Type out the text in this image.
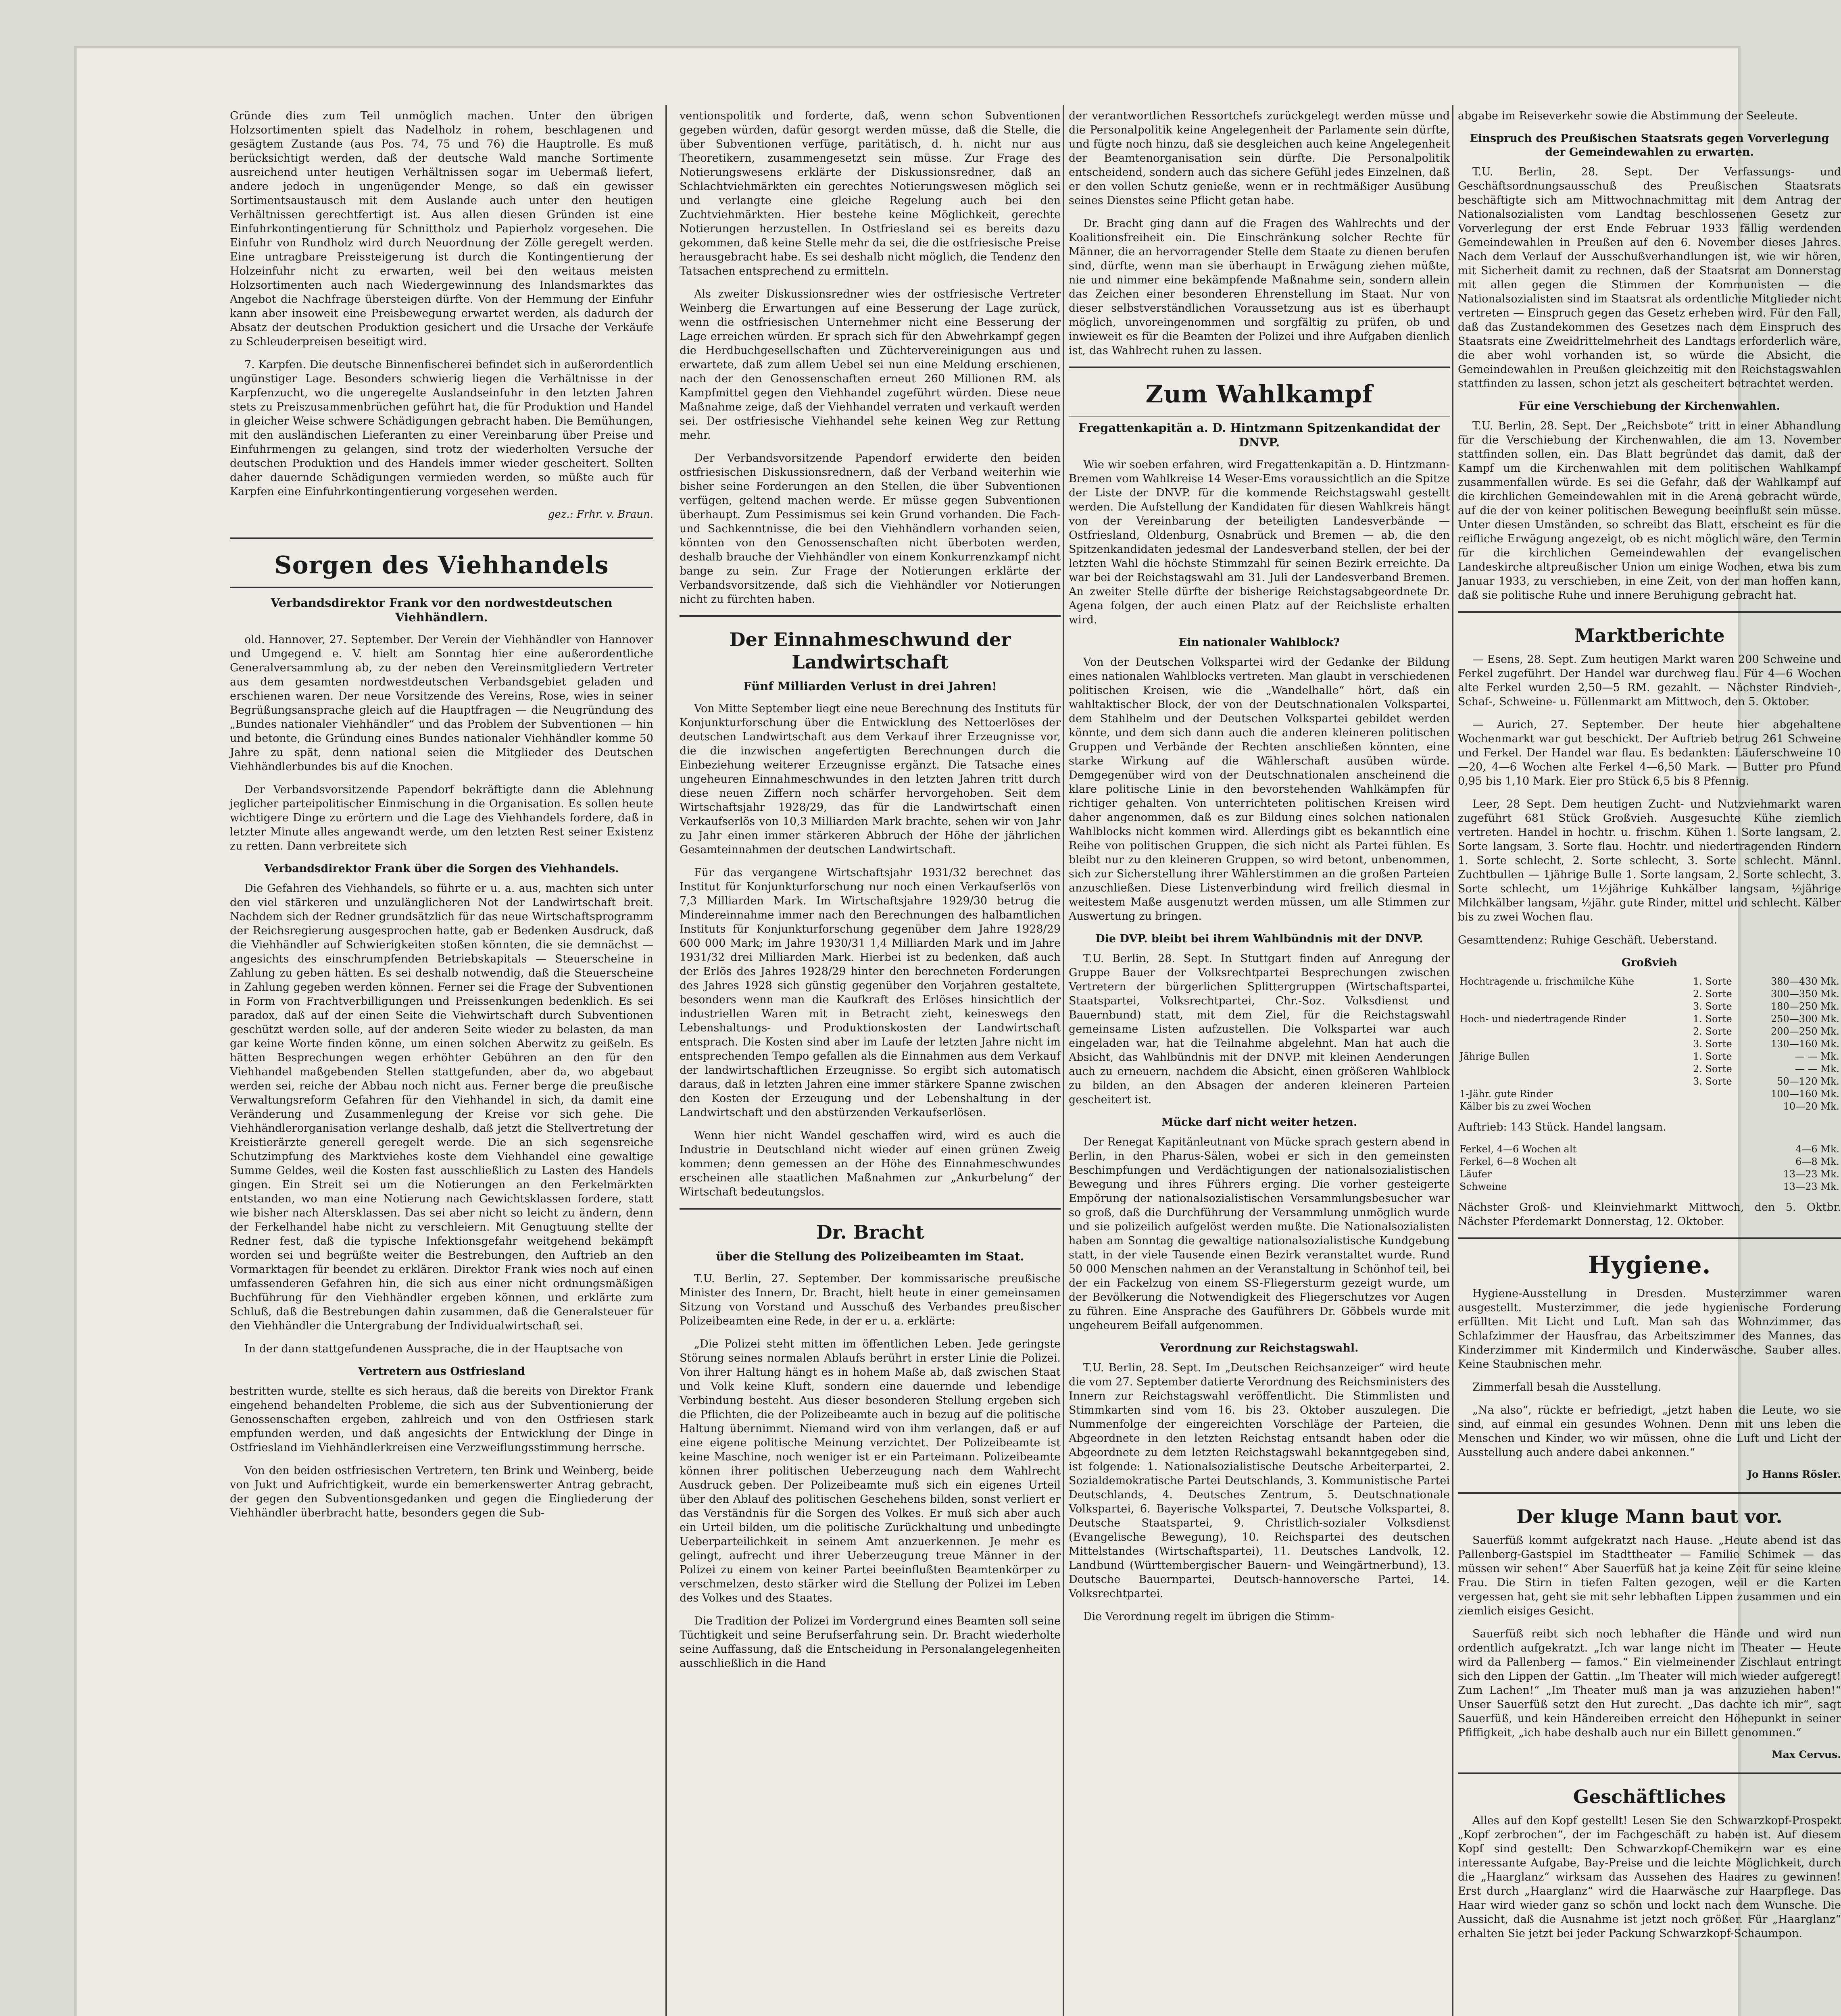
Gründe dies zum Teil unmöglich machen. Unter den übrigen Holzsortimenten spielt das Nadelholz in rohem, beschlagenen und gesägtem Zustande (aus Pos. 74, 75 und 76) die Hauptrolle. Es muß berücksichtigt werden, daß der deutsche Wald manche Sortimente ausreichend unter heutigen Verhältnissen sogar im Uebermaß liefert, andere jedoch in ungenügender Menge, so daß ein gewisser Sortimentsaustausch mit dem Auslande auch unter den heutigen Verhältnissen gerechtfertigt ist. Aus allen diesen Gründen ist eine Einfuhrkontingentierung für Schnittholz und Papierholz vorgesehen. Die Einfuhr von Rundholz wird durch Neuordnung der Zölle geregelt werden. Eine untragbare Preissteigerung ist durch die Kontingentierung der Holzeinfuhr nicht zu erwarten, weil bei den weitaus meisten Holzsortimenten auch nach Wiedergewinnung des Inlandsmarktes das Angebot die Nachfrage übersteigen dürfte. Von der Hemmung der Einfuhr kann aber insoweit eine Preisbewegung erwartet werden, als dadurch der Absatz der deutschen Produktion gesichert und die Ursache der Verkäufe zu Schleuderpreisen beseitigt wird.

7. Karpfen. Die deutsche Binnenfischerei befindet sich in außerordentlich ungünstiger Lage. Besonders schwierig liegen die Verhältnisse in der Karpfenzucht, wo die ungeregelte Auslandseinfuhr in den letzten Jahren stets zu Preiszusammenbrüchen geführt hat, die für Produktion und Handel in gleicher Weise schwere Schädigungen gebracht haben. Die Bemühungen, mit den ausländischen Lieferanten zu einer Vereinbarung über Preise und Einfuhrmengen zu gelangen, sind trotz der wiederholten Versuche der deutschen Produktion und des Handels immer wieder gescheitert. Sollten daher dauernde Schädigungen vermieden werden, so müßte auch für Karpfen eine Einfuhrkontingentierung vorgesehen werden.

gez.: Frhr. v. Braun.
Sorgen des Viehhandels
Verbandsdirektor Frank vor den nordwestdeutschen Viehhändlern.

old. Hannover, 27. September. Der Verein der Viehhändler von Hannover und Umgegend e. V. hielt am Sonntag hier eine außerordentliche Generalversammlung ab, zu der neben den Vereinsmitgliedern Vertreter aus dem gesamten nordwestdeutschen Verbandsgebiet geladen und erschienen waren. Der neue Vorsitzende des Vereins, Rose, wies in seiner Begrüßungsansprache gleich auf die Hauptfragen — die Neugründung des „Bundes nationaler Viehhändler“ und das Problem der Subventionen — hin und betonte, die Gründung eines Bundes nationaler Viehhändler komme 50 Jahre zu spät, denn national seien die Mitglieder des Deutschen Viehhändlerbundes bis auf die Knochen.

Der Verbandsvorsitzende Papendorf bekräftigte dann die Ablehnung jeglicher parteipolitischer Einmischung in die Organisation. Es sollen heute wichtigere Dinge zu erörtern und die Lage des Viehhandels fordere, daß in letzter Minute alles angewandt werde, um den letzten Rest seiner Existenz zu retten. Dann verbreitete sich

Verbandsdirektor Frank über die Sorgen des Viehhandels.

Die Gefahren des Viehhandels, so führte er u. a. aus, machten sich unter den viel stärkeren und unzulänglicheren Not der Landwirtschaft breit. Nachdem sich der Redner grundsätzlich für das neue Wirtschaftsprogramm der Reichsregierung ausgesprochen hatte, gab er Bedenken Ausdruck, daß die Viehhändler auf Schwierigkeiten stoßen könnten, die sie demnächst — angesichts des einschrumpfenden Betriebskapitals — Steuerscheine in Zahlung zu geben hätten. Es sei deshalb notwendig, daß die Steuerscheine in Zahlung gegeben werden können. Ferner sei die Frage der Subventionen in Form von Frachtverbilligungen und Preissenkungen bedenklich. Es sei paradox, daß auf der einen Seite die Viehwirtschaft durch Subventionen geschützt werden solle, auf der anderen Seite wieder zu belasten, da man gar keine Worte finden könne, um einen solchen Aberwitz zu geißeln. Es hätten Besprechungen wegen erhöhter Gebühren an den für den Viehhandel maßgebenden Stellen stattgefunden, aber da, wo abgebaut werden sei, reiche der Abbau noch nicht aus. Ferner berge die preußische Verwaltungsreform Gefahren für den Viehhandel in sich, da damit eine Veränderung und Zusammenlegung der Kreise vor sich gehe. Die Viehhändlerorganisation verlange deshalb, daß jetzt die Stellvertretung der Kreistierärzte generell geregelt werde. Die an sich segensreiche Schutzimpfung des Marktviehes koste dem Viehhandel eine gewaltige Summe Geldes, weil die Kosten fast ausschließlich zu Lasten des Handels gingen. Ein Streit sei um die Notierungen an den Ferkelmärkten entstanden, wo man eine Notierung nach Gewichtsklassen fordere, statt wie bisher nach Altersklassen. Das sei aber nicht so leicht zu ändern, denn der Ferkelhandel habe nicht zu verschleiern. Mit Genugtuung stellte der Redner fest, daß die typische Infektionsgefahr weitgehend bekämpft worden sei und begrüßte weiter die Bestrebungen, den Auftrieb an den Vormarktagen für beendet zu erklären. Direktor Frank wies noch auf einen umfassenderen Gefahren hin, die sich aus einer nicht ordnungsmäßigen Buchführung für den Viehhändler ergeben können, und erklärte zum Schluß, daß die Bestrebungen dahin zusammen, daß die Generalsteuer für den Viehhändler die Untergrabung der Individualwirtschaft sei.

In der dann stattgefundenen Aussprache, die in der Hauptsache von

Vertretern aus Ostfriesland

bestritten wurde, stellte es sich heraus, daß die bereits von Direktor Frank eingehend behandelten Probleme, die sich aus der Subventionierung der Genossenschaften ergeben, zahlreich und von den Ostfriesen stark empfunden werden, und daß angesichts der Entwicklung der Dinge in Ostfriesland im Viehhändlerkreisen eine Verzweiflungsstimmung herrsche.

Von den beiden ostfriesischen Vertretern, ten Brink und Weinberg, beide von Jukt und Aufrichtigkeit, wurde ein bemerkenswerter Antrag gebracht, der gegen den Subventionsgedanken und gegen die Eingliederung der Viehhändler überbracht hatte, besonders gegen die Sub-

ventionspolitik und forderte, daß, wenn schon Subventionen gegeben würden, dafür gesorgt werden müsse, daß die Stelle, die über Subventionen verfüge, paritätisch, d. h. nicht nur aus Theoretikern, zusammengesetzt sein müsse. Zur Frage des Notierungswesens erklärte der Diskussionsredner, daß an Schlachtviehmärkten ein gerechtes Notierungswesen möglich sei und verlangte eine gleiche Regelung auch bei den Zuchtviehmärkten. Hier bestehe keine Möglichkeit, gerechte Notierungen herzustellen. In Ostfriesland sei es bereits dazu gekommen, daß keine Stelle mehr da sei, die die ostfriesische Preise herausgebracht habe. Es sei deshalb nicht möglich, die Tendenz den Tatsachen entsprechend zu ermitteln.

Als zweiter Diskussionsredner wies der ostfriesische Vertreter Weinberg die Erwartungen auf eine Besserung der Lage zurück, wenn die ostfriesischen Unternehmer nicht eine Besserung der Lage erreichen würden. Er sprach sich für den Abwehrkampf gegen die Herdbuchgesellschaften und Züchtervereinigungen aus und erwartete, daß zum allem Uebel sei nun eine Meldung erschienen, nach der den Genossenschaften erneut 260 Millionen RM. als Kampfmittel gegen den Viehhandel zugeführt würden. Diese neue Maßnahme zeige, daß der Viehhandel verraten und verkauft werden sei. Der ostfriesische Viehhandel sehe keinen Weg zur Rettung mehr.

Der Verbandsvorsitzende Papendorf erwiderte den beiden ostfriesischen Diskussionsrednern, daß der Verband weiterhin wie bisher seine Forderungen an den Stellen, die über Subventionen verfügen, geltend machen werde. Er müsse gegen Subventionen überhaupt. Zum Pessimismus sei kein Grund vorhanden. Die Fach- und Sachkenntnisse, die bei den Viehhändlern vorhanden seien, könnten von den Genossenschaften nicht überboten werden, deshalb brauche der Viehhändler von einem Konkurrenzkampf nicht bange zu sein. Zur Frage der Notierungen erklärte der Verbandsvorsitzende, daß sich die Viehhändler vor Notierungen nicht zu fürchten haben.

Der Einnahmeschwund der Landwirtschaft
Fünf Milliarden Verlust in drei Jahren!

Von Mitte September liegt eine neue Berechnung des Instituts für Konjunkturforschung über die Entwicklung des Nettoerlöses der deutschen Landwirtschaft aus dem Verkauf ihrer Erzeugnisse vor, die die inzwischen angefertigten Berechnungen durch die Einbeziehung weiterer Erzeugnisse ergänzt. Die Tatsache eines ungeheuren Einnahmeschwundes in den letzten Jahren tritt durch diese neuen Ziffern noch schärfer hervorgehoben. Seit dem Wirtschaftsjahr 1928/29, das für die Landwirtschaft einen Verkaufserlös von 10,3 Milliarden Mark brachte, sehen wir von Jahr zu Jahr einen immer stärkeren Abbruch der Höhe der jährlichen Gesamteinnahmen der deutschen Landwirtschaft.

Für das vergangene Wirtschaftsjahr 1931/32 berechnet das Institut für Konjunkturforschung nur noch einen Verkaufserlös von 7,3 Milliarden Mark. Im Wirtschaftsjahre 1929/30 betrug die Mindereinnahme immer nach den Berechnungen des halbamtlichen Instituts für Konjunkturforschung gegenüber dem Jahre 1928/29 600 000 Mark; im Jahre 1930/31 1,4 Milliarden Mark und im Jahre 1931/32 drei Milliarden Mark. Hierbei ist zu bedenken, daß auch der Erlös des Jahres 1928/29 hinter den berechneten Forderungen des Jahres 1928 sich günstig gegenüber den Vorjahren gestaltete, besonders wenn man die Kaufkraft des Erlöses hinsichtlich der industriellen Waren mit in Betracht zieht, keineswegs den Lebenshaltungs- und Produktionskosten der Landwirtschaft entsprach. Die Kosten sind aber im Laufe der letzten Jahre nicht im entsprechenden Tempo gefallen als die Einnahmen aus dem Verkauf der landwirtschaftlichen Erzeugnisse. So ergibt sich automatisch daraus, daß in letzten Jahren eine immer stärkere Spanne zwischen den Kosten der Erzeugung und der Lebenshaltung in der Landwirtschaft und den abstürzenden Verkaufserlösen.

Wenn hier nicht Wandel geschaffen wird, wird es auch die Industrie in Deutschland nicht wieder auf einen grünen Zweig kommen; denn gemessen an der Höhe des Einnahmeschwundes erscheinen alle staatlichen Maßnahmen zur „Ankurbelung“ der Wirtschaft bedeutungslos.

Dr. Bracht
über die Stellung des Polizeibeamten im Staat.

T.U. Berlin, 27. September. Der kommissarische preußische Minister des Innern, Dr. Bracht, hielt heute in einer gemeinsamen Sitzung von Vorstand und Ausschuß des Verbandes preußischer Polizeibeamten eine Rede, in der er u. a. erklärte:

„Die Polizei steht mitten im öffentlichen Leben. Jede geringste Störung seines normalen Ablaufs berührt in erster Linie die Polizei. Von ihrer Haltung hängt es in hohem Maße ab, daß zwischen Staat und Volk keine Kluft, sondern eine dauernde und lebendige Verbindung besteht. Aus dieser besonderen Stellung ergeben sich die Pflichten, die der Polizeibeamte auch in bezug auf die politische Haltung übernimmt. Niemand wird von ihm verlangen, daß er auf eine eigene politische Meinung verzichtet. Der Polizeibeamte ist keine Maschine, noch weniger ist er ein Parteimann. Polizeibeamte können ihrer politischen Ueberzeugung nach dem Wahlrecht Ausdruck geben. Der Polizeibeamte muß sich ein eigenes Urteil über den Ablauf des politischen Geschehens bilden, sonst verliert er das Verständnis für die Sorgen des Volkes. Er muß sich aber auch ein Urteil bilden, um die politische Zurückhaltung und unbedingte Ueberparteilichkeit in seinem Amt anzuerkennen. Je mehr es gelingt, aufrecht und ihrer Ueberzeugung treue Männer in der Polizei zu einem von keiner Partei beeinflußten Beamtenkörper zu verschmelzen, desto stärker wird die Stellung der Polizei im Leben des Volkes und des Staates.

Die Tradition der Polizei im Vordergrund eines Beamten soll seine Tüchtigkeit und seine Berufserfahrung sein. Dr. Bracht wiederholte seine Auffassung, daß die Entscheidung in Personalangelegenheiten ausschließlich in die Hand

der verantwortlichen Ressortchefs zurückgelegt werden müsse und die Personalpolitik keine Angelegenheit der Parlamente sein dürfte, und fügte noch hinzu, daß sie desgleichen auch keine Angelegenheit der Beamtenorganisation sein dürfte. Die Personalpolitik entscheidend, sondern auch das sichere Gefühl jedes Einzelnen, daß er den vollen Schutz genieße, wenn er in rechtmäßiger Ausübung seines Dienstes seine Pflicht getan habe.

Dr. Bracht ging dann auf die Fragen des Wahlrechts und der Koalitionsfreiheit ein. Die Einschränkung solcher Rechte für Männer, die an hervorragender Stelle dem Staate zu dienen berufen sind, dürfte, wenn man sie überhaupt in Erwägung ziehen müßte, nie und nimmer eine bekämpfende Maßnahme sein, sondern allein das Zeichen einer besonderen Ehrenstellung im Staat. Nur von dieser selbstverständlichen Voraussetzung aus ist es überhaupt möglich, unvoreingenommen und sorgfältig zu prüfen, ob und inwieweit es für die Beamten der Polizei und ihre Aufgaben dienlich ist, das Wahlrecht ruhen zu lassen.

Zum Wahlkampf
Fregattenkapitän a. D. Hintzmann Spitzenkandidat der DNVP.

Wie wir soeben erfahren, wird Fregattenkapitän a. D. Hintzmann-Bremen vom Wahlkreise 14 Weser-Ems voraussichtlich an die Spitze der Liste der DNVP. für die kommende Reichstagswahl gestellt werden. Die Aufstellung der Kandidaten für diesen Wahlkreis hängt von der Vereinbarung der beteiligten Landesverbände — Ostfriesland, Oldenburg, Osnabrück und Bremen — ab, die den Spitzenkandidaten jedesmal der Landesverband stellen, der bei der letzten Wahl die höchste Stimmzahl für seinen Bezirk erreichte. Da war bei der Reichstagswahl am 31. Juli der Landesverband Bremen. An zweiter Stelle dürfte der bisherige Reichstagsabgeordnete Dr. Agena folgen, der auch einen Platz auf der Reichsliste erhalten wird.

Ein nationaler Wahlblock?

Von der Deutschen Volkspartei wird der Gedanke der Bildung eines nationalen Wahlblocks vertreten. Man glaubt in verschiedenen politischen Kreisen, wie die „Wandelhalle“ hört, daß ein wahltaktischer Block, der von der Deutschnationalen Volkspartei, dem Stahlhelm und der Deutschen Volkspartei gebildet werden könnte, und dem sich dann auch die anderen kleineren politischen Gruppen und Verbände der Rechten anschließen könnten, eine starke Wirkung auf die Wählerschaft ausüben würde. Demgegenüber wird von der Deutschnationalen anscheinend die klare politische Linie in den bevorstehenden Wahlkämpfen für richtiger gehalten. Von unterrichteten politischen Kreisen wird daher angenommen, daß es zur Bildung eines solchen nationalen Wahlblocks nicht kommen wird. Allerdings gibt es bekanntlich eine Reihe von politischen Gruppen, die sich nicht als Partei fühlen. Es bleibt nur zu den kleineren Gruppen, so wird betont, unbenommen, sich zur Sicherstellung ihrer Wählerstimmen an die großen Parteien anzuschließen. Diese Listenverbindung wird freilich diesmal in weitestem Maße ausgenutzt werden müssen, um alle Stimmen zur Auswertung zu bringen.

Die DVP. bleibt bei ihrem Wahlbündnis mit der DNVP.

T.U. Berlin, 28. Sept. In Stuttgart finden auf Anregung der Gruppe Bauer der Volksrechtpartei Besprechungen zwischen Vertretern der bürgerlichen Splittergruppen (Wirtschaftspartei, Staatspartei, Volksrechtpartei, Chr.-Soz. Volksdienst und Bauernbund) statt, mit dem Ziel, für die Reichstagswahl gemeinsame Listen aufzustellen. Die Volkspartei war auch eingeladen war, hat die Teilnahme abgelehnt. Man hat auch die Absicht, das Wahlbündnis mit der DNVP. mit kleinen Aenderungen auch zu erneuern, nachdem die Absicht, einen größeren Wahlblock zu bilden, an den Absagen der anderen kleineren Parteien gescheitert ist.

Mücke darf nicht weiter hetzen.

Der Renegat Kapitänleutnant von Mücke sprach gestern abend in Berlin, in den Pharus-Sälen, wobei er sich in den gemeinsten Beschimpfungen und Verdächtigungen der nationalsozialistischen Bewegung und ihres Führers erging. Die vorher gesteigerte Empörung der nationalsozialistischen Versammlungsbesucher war so groß, daß die Durchführung der Versammlung unmöglich wurde und sie polizeilich aufgelöst werden mußte. Die Nationalsozialisten haben am Sonntag die gewaltige nationalsozialistische Kundgebung statt, in der viele Tausende einen Bezirk veranstaltet wurde. Rund 50 000 Menschen nahmen an der Veranstaltung in Schönhof teil, bei der ein Fackelzug von einem SS-Fliegersturm gezeigt wurde, um der Bevölkerung die Notwendigkeit des Fliegerschutzes vor Augen zu führen. Eine Ansprache des Gauführers Dr. Göbbels wurde mit ungeheurem Beifall aufgenommen.

Verordnung zur Reichstagswahl.

T.U. Berlin, 28. Sept. Im „Deutschen Reichsanzeiger“ wird heute die vom 27. September datierte Verordnung des Reichsministers des Innern zur Reichstagswahl veröffentlicht. Die Stimmlisten und Stimmkarten sind vom 16. bis 23. Oktober auszulegen. Die Nummenfolge der eingereichten Vorschläge der Parteien, die Abgeordnete in den letzten Reichstag entsandt haben oder die Abgeordnete zu dem letzten Reichstagswahl bekanntgegeben sind, ist folgende: 1. Nationalsozialistische Deutsche Arbeiterpartei, 2. Sozialdemokratische Partei Deutschlands, 3. Kommunistische Partei Deutschlands, 4. Deutsches Zentrum, 5. Deutschnationale Volkspartei, 6. Bayerische Volkspartei, 7. Deutsche Volkspartei, 8. Deutsche Staatspartei, 9. Christlich-sozialer Volksdienst (Evangelische Bewegung), 10. Reichspartei des deutschen Mittelstandes (Wirtschaftspartei), 11. Deutsches Landvolk, 12. Landbund (Württembergischer Bauern- und Weingärtnerbund), 13. Deutsche Bauernpartei, Deutsch-hannoversche Partei, 14. Volksrechtpartei.

Die Verordnung regelt im übrigen die Stimm-

abgabe im Reiseverkehr sowie die Abstimmung der Seeleute.

Einspruch des Preußischen Staatsrats gegen Vorverlegung der Gemeindewahlen zu erwarten.

T.U. Berlin, 28. Sept. Der Verfassungs- und Geschäftsordnungsausschuß des Preußischen Staatsrats beschäftigte sich am Mittwochnachmittag mit dem Antrag der Nationalsozialisten vom Landtag beschlossenen Gesetz zur Vorverlegung der erst Ende Februar 1933 fällig werdenden Gemeindewahlen in Preußen auf den 6. November dieses Jahres. Nach dem Verlauf der Ausschußverhandlungen ist, wie wir hören, mit Sicherheit damit zu rechnen, daß der Staatsrat am Donnerstag mit allen gegen die Stimmen der Kommunisten — die Nationalsozialisten sind im Staatsrat als ordentliche Mitglieder nicht vertreten — Einspruch gegen das Gesetz erheben wird. Für den Fall, daß das Zustandekommen des Gesetzes nach dem Einspruch des Staatsrats eine Zweidrittelmehrheit des Landtags erforderlich wäre, die aber wohl vorhanden ist, so würde die Absicht, die Gemeindewahlen in Preußen gleichzeitig mit den Reichstagswahlen stattfinden zu lassen, schon jetzt als gescheitert betrachtet werden.

Für eine Verschiebung der Kirchenwahlen.

T.U. Berlin, 28. Sept. Der „Reichsbote“ tritt in einer Abhandlung für die Verschiebung der Kirchenwahlen, die am 13. November stattfinden sollen, ein. Das Blatt begründet das damit, daß der Kampf um die Kirchenwahlen mit dem politischen Wahlkampf zusammenfallen würde. Es sei die Gefahr, daß der Wahlkampf auf die kirchlichen Gemeindewahlen mit in die Arena gebracht würde, auf die der von keiner politischen Bewegung beeinflußt sein müsse. Unter diesen Umständen, so schreibt das Blatt, erscheint es für die reifliche Erwägung angezeigt, ob es nicht möglich wäre, den Termin für die kirchlichen Gemeindewahlen der evangelischen Landeskirche altpreußischer Union um einige Wochen, etwa bis zum Januar 1933, zu verschieben, in eine Zeit, von der man hoffen kann, daß sie politische Ruhe und innere Beruhigung gebracht hat.

Marktberichte

— Esens, 28. Sept. Zum heutigen Markt waren 200 Schweine und Ferkel zugeführt. Der Handel war durchweg flau. Für 4—6 Wochen alte Ferkel wurden 2,50—5 RM. gezahlt. — Nächster Rindvieh-, Schaf-, Schweine- u. Füllenmarkt am Mittwoch, den 5. Oktober.

— Aurich, 27. September. Der heute hier abgehaltene Wochenmarkt war gut beschickt. Der Auftrieb betrug 261 Schweine und Ferkel. Der Handel war flau. Es bedankten: Läuferschweine 10—20, 4—6 Wochen alte Ferkel 4—6,50 Mark. — Butter pro Pfund 0,95 bis 1,10 Mark. Eier pro Stück 6,5 bis 8 Pfennig.

Leer, 28 Sept. Dem heutigen Zucht- und Nutzviehmarkt waren zugeführt 681 Stück Großvieh. Ausgesuchte Kühe ziemlich vertreten. Handel in hochtr. u. frischm. Kühen 1. Sorte langsam, 2. Sorte langsam, 3. Sorte flau. Hochtr. und niedertragenden Rindern 1. Sorte schlecht, 2. Sorte schlecht, 3. Sorte schlecht. Männl. Zuchtbullen — 1jährige Bulle 1. Sorte langsam, 2. Sorte schlecht, 3. Sorte schlecht, um 1½jährige Kuhkälber langsam, ½jährige Milchkälber langsam, ½jähr. gute Rinder, mittel und schlecht. Kälber bis zu zwei Wochen flau.

Gesamttendenz: Ruhige Geschäft. Ueberstand.

Großvieh
Hochtragende u. frischmilche Kühe	1. Sorte	380—430 Mk.
	2. Sorte	300—350 Mk.
	3. Sorte	180—250 Mk.
Hoch- und niedertragende Rinder	1. Sorte	250—300 Mk.
	2. Sorte	200—250 Mk.
	3. Sorte	130—160 Mk.
Jährige Bullen	1. Sorte	— — Mk.
	2. Sorte	— — Mk.
	3. Sorte	50—120 Mk.
1-Jähr. gute Rinder		100—160 Mk.
Kälber bis zu zwei Wochen		10—20 Mk.

Auftrieb: 143 Stück. Handel langsam.

Ferkel, 4—6 Wochen alt	4—6 Mk.
Ferkel, 6—8 Wochen alt	6—8 Mk.
Läufer	13—23 Mk.
Schweine	13—23 Mk.

Nächster Groß- und Kleinviehmarkt Mittwoch, den 5. Oktbr. Nächster Pferdemarkt Donnerstag, 12. Oktober.

Hygiene.

Hygiene-Ausstellung in Dresden. Musterzimmer waren ausgestellt. Musterzimmer, die jede hygienische Forderung erfüllten. Mit Licht und Luft. Man sah das Wohnzimmer, das Schlafzimmer der Hausfrau, das Arbeitszimmer des Mannes, das Kinderzimmer mit Kindermilch und Kinderwäsche. Sauber alles. Keine Staubnischen mehr.

Zimmerfall besah die Ausstellung.

„Na also“, rückte er befriedigt, „jetzt haben die Leute, wo sie sind, auf einmal ein gesundes Wohnen. Denn mit uns leben die Menschen und Kinder, wo wir müssen, ohne die Luft und Licht der Ausstellung auch andere dabei ankennen.“

Jo Hanns Rösler.
Der kluge Mann baut vor.

Sauerfüß kommt aufgekratzt nach Hause. „Heute abend ist das Pallenberg-Gastspiel im Stadttheater — Familie Schimek — das müssen wir sehen!“ Aber Sauerfüß hat ja keine Zeit für seine kleine Frau. Die Stirn in tiefen Falten gezogen, weil er die Karten vergessen hat, geht sie mit sehr lebhaften Lippen zusammen und ein ziemlich eisiges Gesicht.

Sauerfüß reibt sich noch lebhafter die Hände und wird nun ordentlich aufgekratzt. „Ich war lange nicht im Theater — Heute wird da Pallenberg — famos.“ Ein vielmeinender Zischlaut entringt sich den Lippen der Gattin. „Im Theater will mich wieder aufgeregt! Zum Lachen!“ „Im Theater muß man ja was anzuziehen haben!“ Unser Sauerfüß setzt den Hut zurecht. „Das dachte ich mir“, sagt Sauerfüß, und kein Händereiben erreicht den Höhepunkt in seiner Pfiffigkeit, „ich habe deshalb auch nur ein Billett genommen.“

Max Cervus.
Geschäftliches

Alles auf den Kopf gestellt! Lesen Sie den Schwarzkopf-Prospekt „Kopf zerbrochen“, der im Fachgeschäft zu haben ist. Auf diesem Kopf sind gestellt: Den Schwarzkopf-Chemikern war es eine interessante Aufgabe, Bay-Preise und die leichte Möglichkeit, durch die „Haarglanz“ wirksam das Aussehen des Haares zu gewinnen! Erst durch „Haarglanz“ wird die Haarwäsche zur Haarpflege. Das Haar wird wieder ganz so schön und lockt nach dem Wunsche. Die Aussicht, daß die Ausnahme ist jetzt noch größer. Für „Haarglanz“ erhalten Sie jetzt bei jeder Packung Schwarzkopf-Schaumpon.
